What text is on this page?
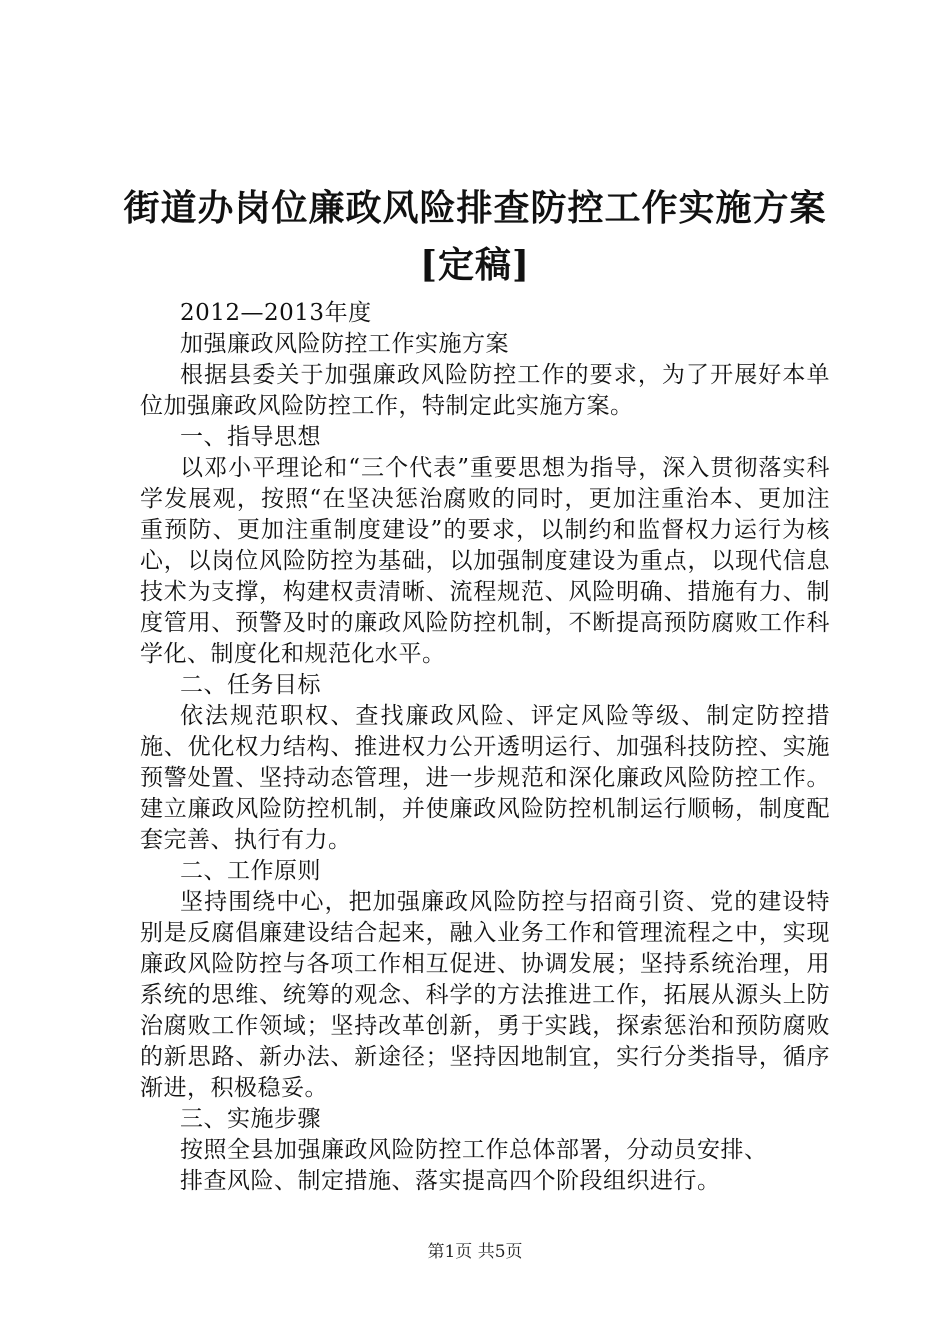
街道办岗位廉政风险排查防控工作实施方案
[定稿]

2012—2013年度

加强廉政风险防控工作实施方案

根据县委关于加强廉政风险防控工作的要求，为了开展好本单位加强廉政风险防控工作，特制定此实施方案。

一、指导思想

以邓小平理论和“三个代表”重要思想为指导，深入贯彻落实科学发展观，按照“在坚决惩治腐败的同时，更加注重治本、更加注重预防、更加注重制度建设”的要求，以制约和监督权力运行为核心，以岗位风险防控为基础，以加强制度建设为重点，以现代信息技术为支撑，构建权责清晰、流程规范、风险明确、措施有力、制度管用、预警及时的廉政风险防控机制，不断提高预防腐败工作科学化、制度化和规范化水平。

二、任务目标

依法规范职权、查找廉政风险、评定风险等级、制定防控措施、优化权力结构、推进权力公开透明运行、加强科技防控、实施预警处置、坚持动态管理，进一步规范和深化廉政风险防控工作。建立廉政风险防控机制，并使廉政风险防控机制运行顺畅，制度配套完善、执行有力。

二、工作原则

坚持围绕中心，把加强廉政风险防控与招商引资、党的建设特别是反腐倡廉建设结合起来，融入业务工作和管理流程之中，实现廉政风险防控与各项工作相互促进、协调发展；坚持系统治理，用系统的思维、统筹的观念、科学的方法推进工作，拓展从源头上防治腐败工作领域；坚持改革创新，勇于实践，探索惩治和预防腐败的新思路、新办法、新途径；坚持因地制宜，实行分类指导，循序渐进，积极稳妥。

三、实施步骤

按照全县加强廉政风险防控工作总体部署，分动员安排、

排查风险、制定措施、落实提高四个阶段组织进行。

第1页 共5页
